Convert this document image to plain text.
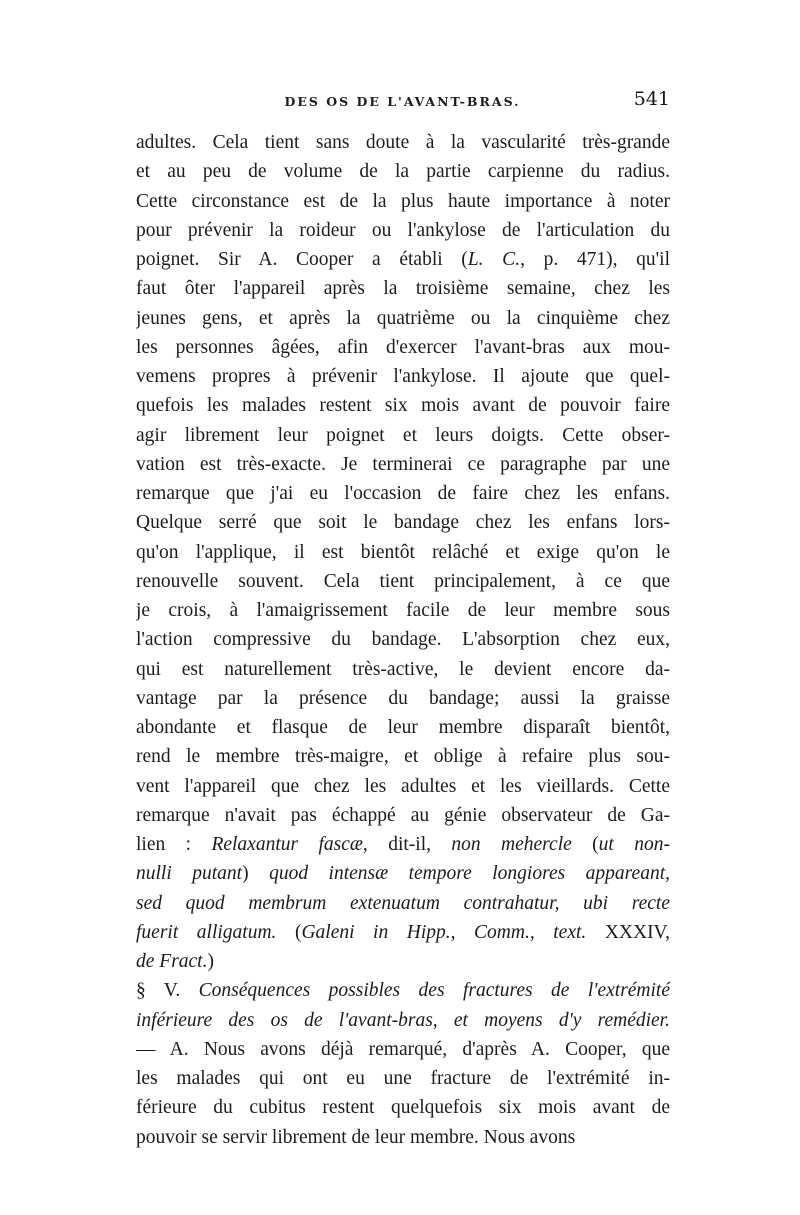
DES OS DE L'AVANT-BRAS.	541
adultes. Cela tient sans doute à la vascularité très-grande
et au peu de volume de la partie carpienne du radius.
Cette circonstance est de la plus haute importance à noter
pour prévenir la roideur ou l'ankylose de l'articulation du
poignet. Sir A. Cooper a établi (L. C., p. 471), qu'il
faut ôter l'appareil après la troisième semaine, chez les
jeunes gens, et après la quatrième ou la cinquième chez
les personnes âgées, afin d'exercer l'avant-bras aux mou-
vemens propres à prévenir l'ankylose. Il ajoute que quel-
quefois les malades restent six mois avant de pouvoir faire
agir librement leur poignet et leurs doigts. Cette obser-
vation est très-exacte. Je terminerai ce paragraphe par une
remarque que j'ai eu l'occasion de faire chez les enfans.
Quelque serré que soit le bandage chez les enfans lors-
qu'on l'applique, il est bientôt relâché et exige qu'on le
renouvelle souvent. Cela tient principalement, à ce que
je crois, à l'amaigrissement facile de leur membre sous
l'action compressive du bandage. L'absorption chez eux,
qui est naturellement très-active, le devient encore da-
vantage par la présence du bandage; aussi la graisse
abondante et flasque de leur membre disparaît bientôt,
rend le membre très-maigre, et oblige à refaire plus sou-
vent l'appareil que chez les adultes et les vieillards. Cette
remarque n'avait pas échappé au génie observateur de Ga-
lien : Relaxantur fascæ, dit-il, non mehercle (ut non-
nulli putant) quod intensæ tempore longiores appareant,
sed quod membrum extenuatum contrahatur, ubi recte
fuerit alligatum. (Galeni in Hipp., Comm., text. XXXIV,
de Fract.)
§ V. Conséquences possibles des fractures de l'extrémité
inférieure des os de l'avant-bras, et moyens d'y remédier.
— A. Nous avons déjà remarqué, d'après A. Cooper, que
les malades qui ont eu une fracture de l'extrémité in-
férieure du cubitus restent quelquefois six mois avant de
pouvoir se servir librement de leur membre. Nous avons
